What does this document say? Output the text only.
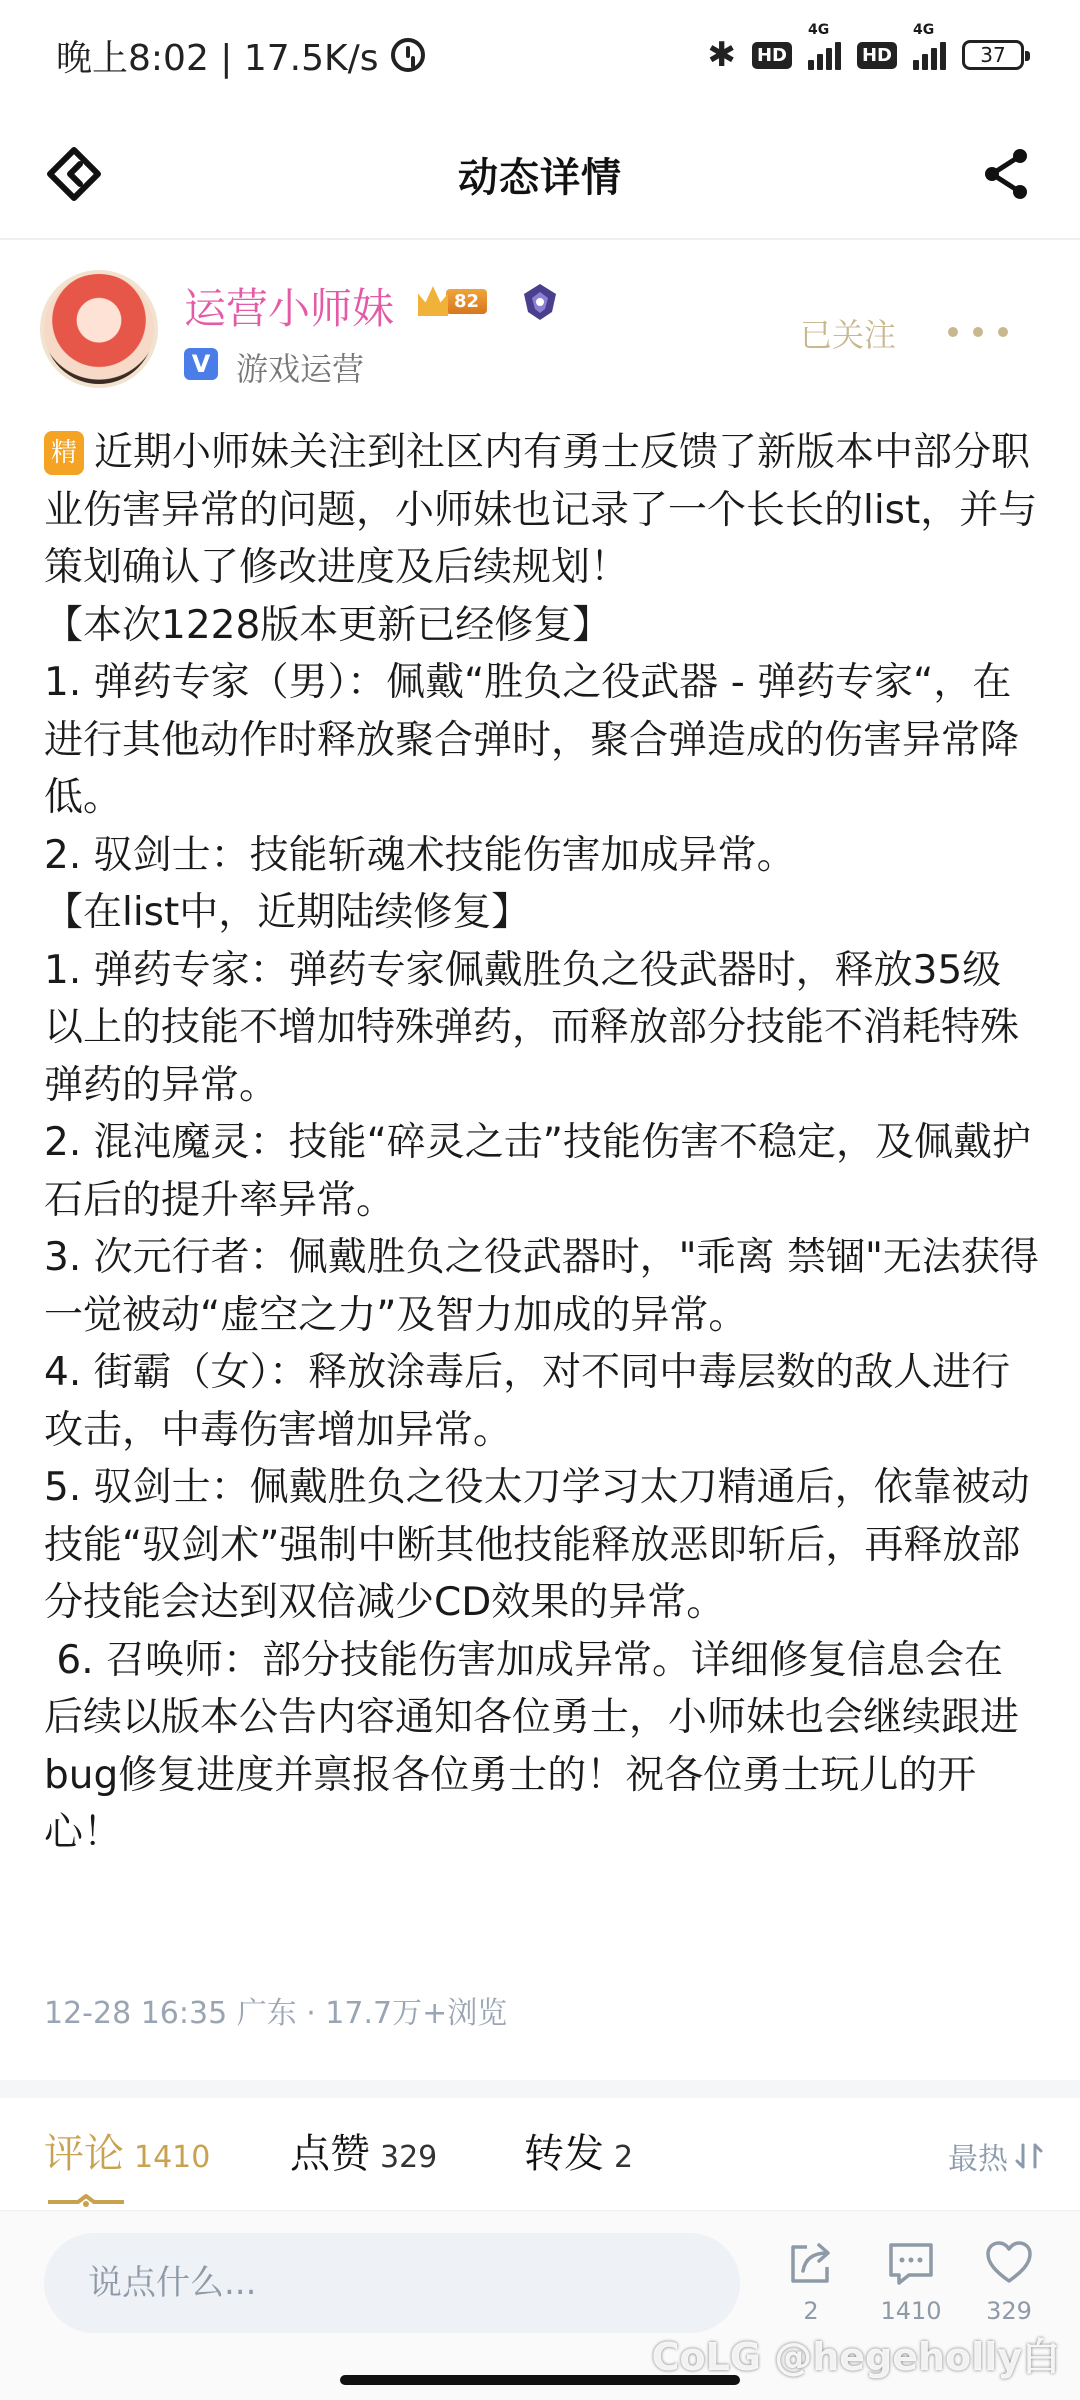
晚上8:02 | 17.5K/s	✱ HD
4G
HD
4G
37
动态详情
运营小师妹	82
V 游戏运营
已关注

精 近期小师妹关注到社区内有勇士反馈了新版本中部分职业伤害异常的问题，小师妹也记录了一个长长的list，并与策划确认了修改进度及后续规划！

【本次1228版本更新已经修复】

1. 弹药专家（男）：佩戴“胜负之役武器 - 弹药专家“，在进行其他动作时释放聚合弹时，聚合弹造成的伤害异常降低。

2. 驭剑士：技能斩魂术技能伤害加成异常。

【在list中，近期陆续修复】

1. 弹药专家：弹药专家佩戴胜负之役武器时，释放35级以上的技能不增加特殊弹药，而释放部分技能不消耗特殊弹药的异常。

2. 混沌魔灵：技能“碎灵之击”技能伤害不稳定，及佩戴护石后的提升率异常。

3. 次元行者：佩戴胜负之役武器时，"乖离 禁锢"无法获得一觉被动“虚空之力”及智力加成的异常。

4. 街霸（女）：释放涂毒后，对不同中毒层数的敌人进行攻击，中毒伤害增加异常。

5. 驭剑士：佩戴胜负之役太刀学习太刀精通后，依靠被动技能“驭剑术”强制中断其他技能释放恶即斩后，再释放部分技能会达到双倍减少CD效果的异常。

6. 召唤师：部分技能伤害加成异常。详细修复信息会在后续以版本公告内容通知各位勇士，小师妹也会继续跟进bug修复进度并禀报各位勇士的！祝各位勇士玩儿的开心！

12-28 16:35 广东 · 17.7万+浏览
评论 1410 点赞 329 转发 2	最热
说点什么...
2	1410 329
CoLG @hegeholly白
